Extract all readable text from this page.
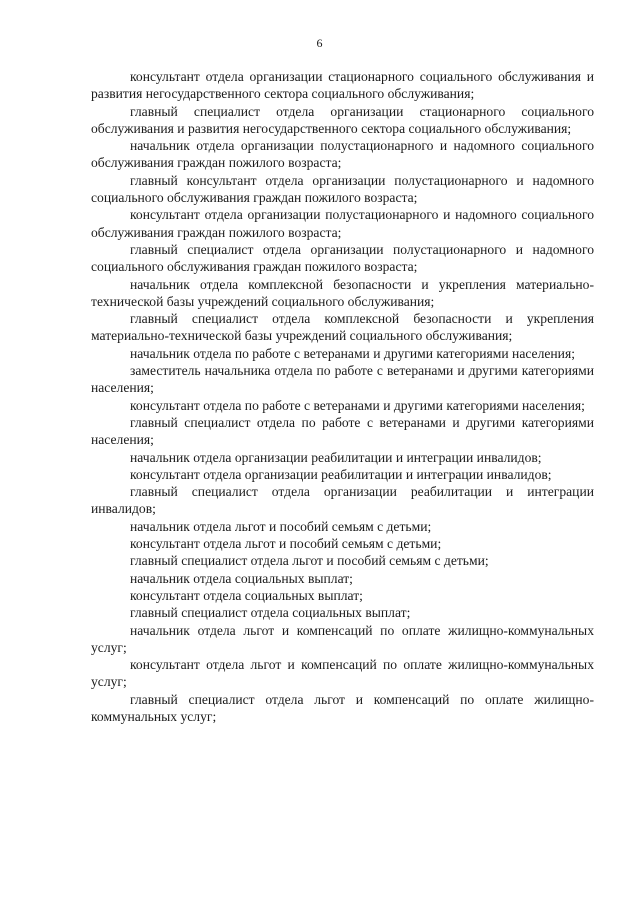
6

консультант отдела организации стационарного социального обслуживания и развития негосударственного сектора социального обслуживания;

главный специалист отдела организации стационарного социального обслуживания и развития негосударственного сектора социального обслуживания;

начальник отдела организации полустационарного и надомного социального обслуживания граждан пожилого возраста;

главный консультант отдела организации полустационарного и надомного социального обслуживания граждан пожилого возраста;

консультант отдела организации полустационарного и надомного социального обслуживания граждан пожилого возраста;

главный специалист отдела организации полустационарного и надомного социального обслуживания граждан пожилого возраста;

начальник отдела комплексной безопасности и укрепления материально-технической базы учреждений социального обслуживания;

главный специалист отдела комплексной безопасности и укрепления материально-технической базы учреждений социального обслуживания;

начальник отдела по работе с ветеранами и другими категориями населения;

заместитель начальника отдела по работе с ветеранами и другими категориями населения;

консультант отдела по работе с ветеранами и другими категориями населения;

главный специалист отдела по работе с ветеранами и другими категориями населения;

начальник отдела организации реабилитации и интеграции инвалидов;

консультант отдела организации реабилитации и интеграции инвалидов;

главный специалист отдела организации реабилитации и интеграции инвалидов;

начальник отдела льгот и пособий семьям с детьми;

консультант отдела льгот и пособий семьям с детьми;

главный специалист отдела льгот и пособий семьям с детьми;

начальник отдела социальных выплат;

консультант отдела социальных выплат;

главный специалист отдела социальных выплат;

начальник отдела льгот и компенсаций по оплате жилищно-коммунальных услуг;

консультант отдела льгот и компенсаций по оплате жилищно-коммунальных услуг;

главный специалист отдела льгот и компенсаций по оплате жилищно-коммунальных услуг;
